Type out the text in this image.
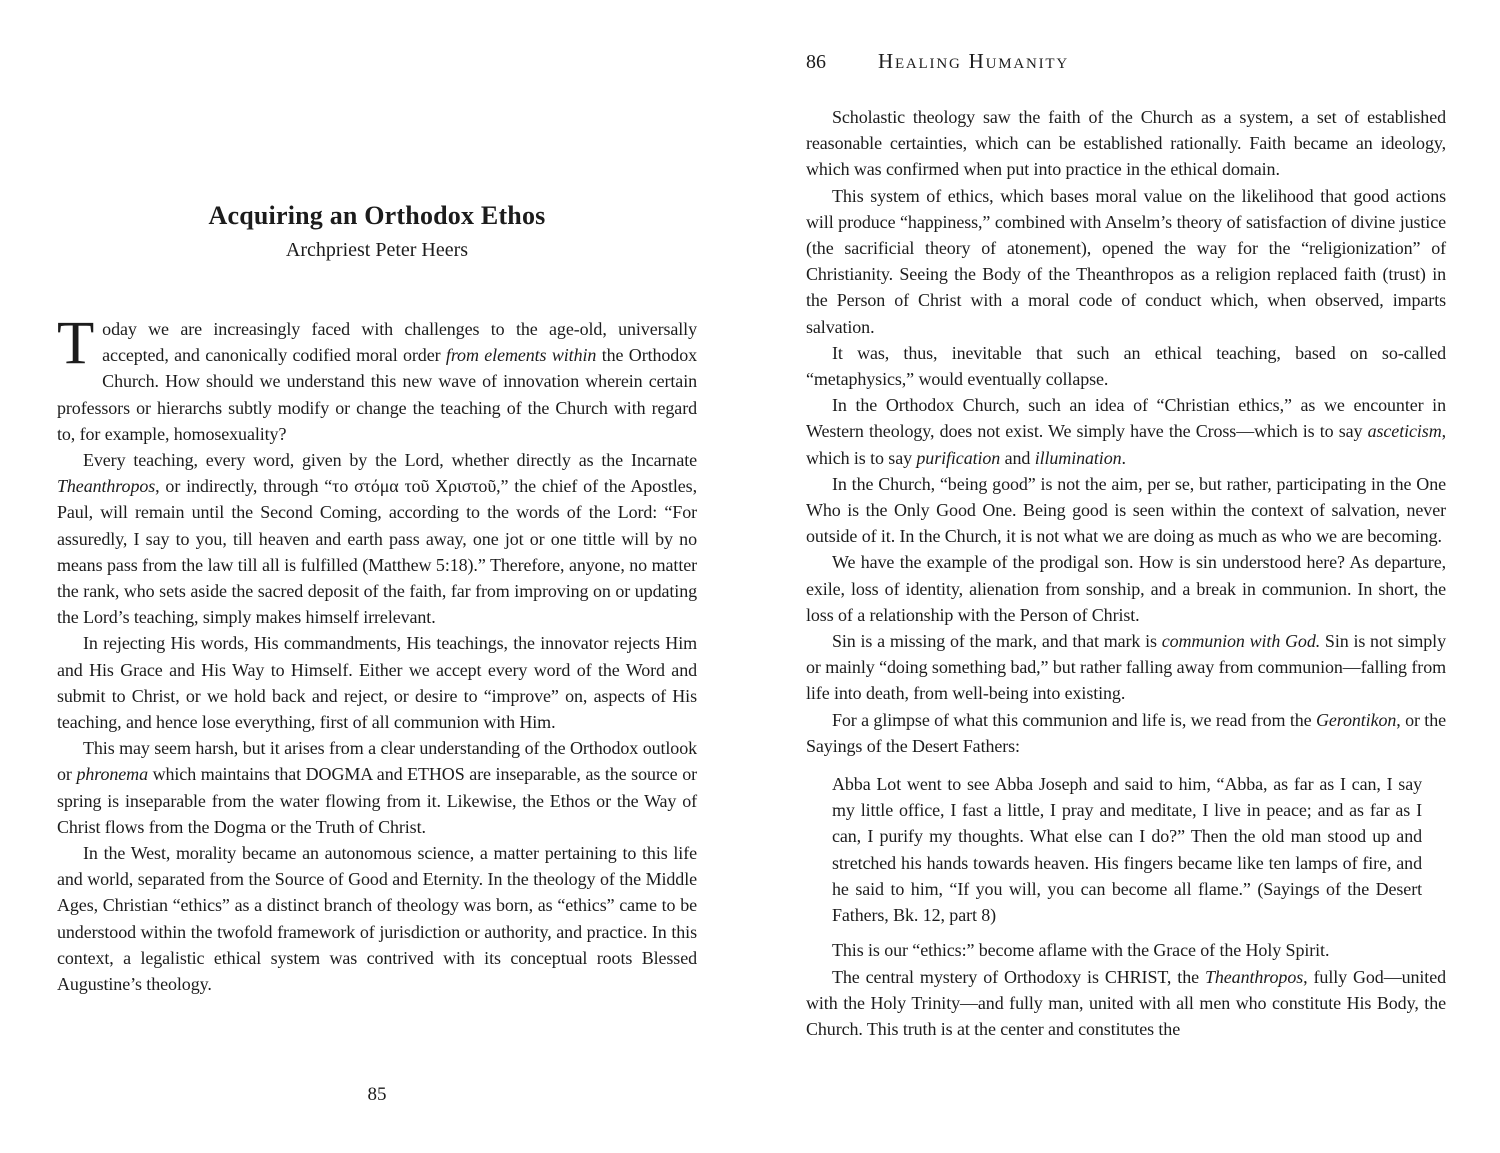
Acquiring an Orthodox Ethos
Archpriest Peter Heers

Today we are increasingly faced with challenges to the age-old, universally accepted, and canonically codified moral order from elements within the Orthodox Church. How should we understand this new wave of innovation wherein certain professors or hierarchs subtly modify or change the teaching of the Church with regard to, for example, homosexuality?

Every teaching, every word, given by the Lord, whether directly as the Incarnate Theanthropos, or indirectly, through “το στόμα τοῦ Χριστοῦ,” the chief of the Apostles, Paul, will remain until the Second Coming, according to the words of the Lord: “For assuredly, I say to you, till heaven and earth pass away, one jot or one tittle will by no means pass from the law till all is fulfilled (Matthew 5:18).” Therefore, anyone, no matter the rank, who sets aside the sacred deposit of the faith, far from improving on or updating the Lord’s teaching, simply makes himself irrelevant.

In rejecting His words, His commandments, His teachings, the innovator rejects Him and His Grace and His Way to Himself. Either we accept every word of the Word and submit to Christ, or we hold back and reject, or desire to “improve” on, aspects of His teaching, and hence lose everything, first of all communion with Him.

This may seem harsh, but it arises from a clear understanding of the Orthodox outlook or phronema which maintains that DOGMA and ETHOS are inseparable, as the source or spring is inseparable from the water flowing from it. Likewise, the Ethos or the Way of Christ flows from the Dogma or the Truth of Christ.

In the West, morality became an autonomous science, a matter pertaining to this life and world, separated from the Source of Good and Eternity. In the theology of the Middle Ages, Christian “ethics” as a distinct branch of theology was born, as “ethics” came to be understood within the twofold framework of jurisdiction or authority, and practice. In this context, a legalistic ethical system was contrived with its conceptual roots Blessed Augustine’s theology.

85
86 Healing Humanity

Scholastic theology saw the faith of the Church as a system, a set of established reasonable certainties, which can be established rationally. Faith became an ideology, which was confirmed when put into practice in the ethical domain.

This system of ethics, which bases moral value on the likelihood that good actions will produce “happiness,” combined with Anselm’s theory of satisfaction of divine justice (the sacrificial theory of atonement), opened the way for the “religionization” of Christianity. Seeing the Body of the Theanthropos as a religion replaced faith (trust) in the Person of Christ with a moral code of conduct which, when observed, imparts salvation.

It was, thus, inevitable that such an ethical teaching, based on so-called “metaphysics,” would eventually collapse.

In the Orthodox Church, such an idea of “Christian ethics,” as we encounter in Western theology, does not exist. We simply have the Cross—which is to say asceticism, which is to say purification and illumination.

In the Church, “being good” is not the aim, per se, but rather, participating in the One Who is the Only Good One. Being good is seen within the context of salvation, never outside of it. In the Church, it is not what we are doing as much as who we are becoming.

We have the example of the prodigal son. How is sin understood here? As departure, exile, loss of identity, alienation from sonship, and a break in communion. In short, the loss of a relationship with the Person of Christ.

Sin is a missing of the mark, and that mark is communion with God. Sin is not simply or mainly “doing something bad,” but rather falling away from communion—falling from life into death, from well-being into existing.

For a glimpse of what this communion and life is, we read from the Gerontikon, or the Sayings of the Desert Fathers:

Abba Lot went to see Abba Joseph and said to him, “Abba, as far as I can, I say my little office, I fast a little, I pray and meditate, I live in peace; and as far as I can, I purify my thoughts. What else can I do?” Then the old man stood up and stretched his hands towards heaven. His fingers became like ten lamps of fire, and he said to him, “If you will, you can become all flame.” (Sayings of the Desert Fathers, Bk. 12, part 8)

This is our “ethics:” become aflame with the Grace of the Holy Spirit.

The central mystery of Orthodoxy is CHRIST, the Theanthropos, fully God—united with the Holy Trinity—and fully man, united with all men who constitute His Body, the Church. This truth is at the center and constitutes the
